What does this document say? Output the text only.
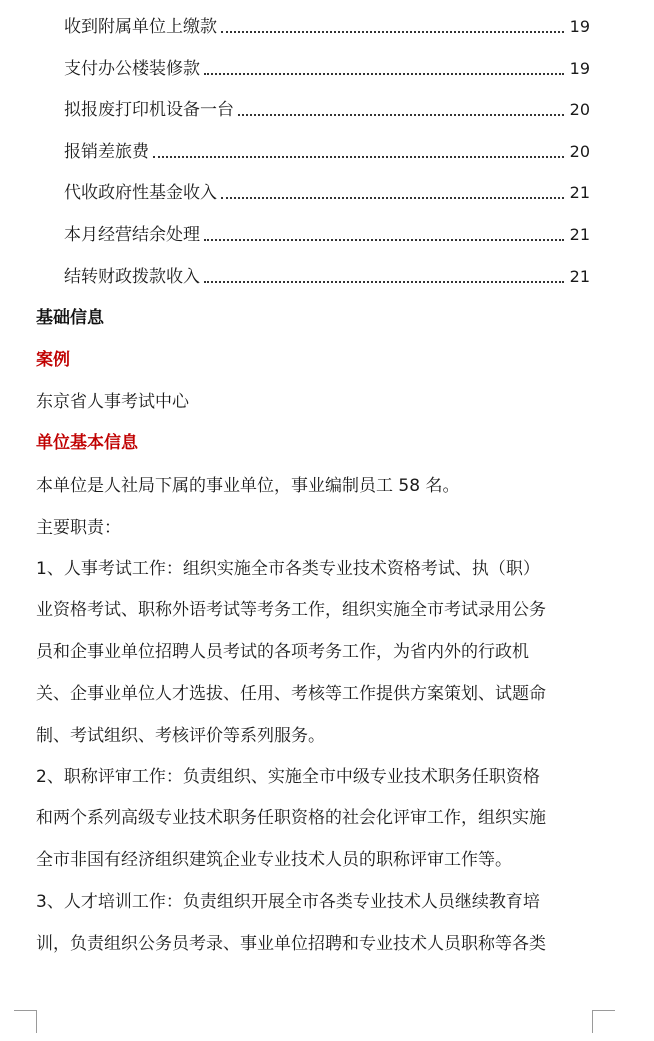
收到附属单位上缴款	19
支付办公楼装修款	19
拟报废打印机设备一台	20
报销差旅费	20
代收政府性基金收入	21
本月经营结余处理	21
结转财政拨款收入	21
基础信息
案例
东京省人事考试中心
单位基本信息
本单位是人社局下属的事业单位，事业编制员工 58 名。
主要职责：
1、人事考试工作：组织实施全市各类专业技术资格考试、执（职）
业资格考试、职称外语考试等考务工作，组织实施全市考试录用公务
员和企事业单位招聘人员考试的各项考务工作，为省内外的行政机
关、企事业单位人才选拔、任用、考核等工作提供方案策划、试题命
制、考试组织、考核评价等系列服务。
2、职称评审工作：负责组织、实施全市中级专业技术职务任职资格
和两个系列高级专业技术职务任职资格的社会化评审工作，组织实施
全市非国有经济组织建筑企业专业技术人员的职称评审工作等。
3、人才培训工作：负责组织开展全市各类专业技术人员继续教育培
训，负责组织公务员考录、事业单位招聘和专业技术人员职称等各类
